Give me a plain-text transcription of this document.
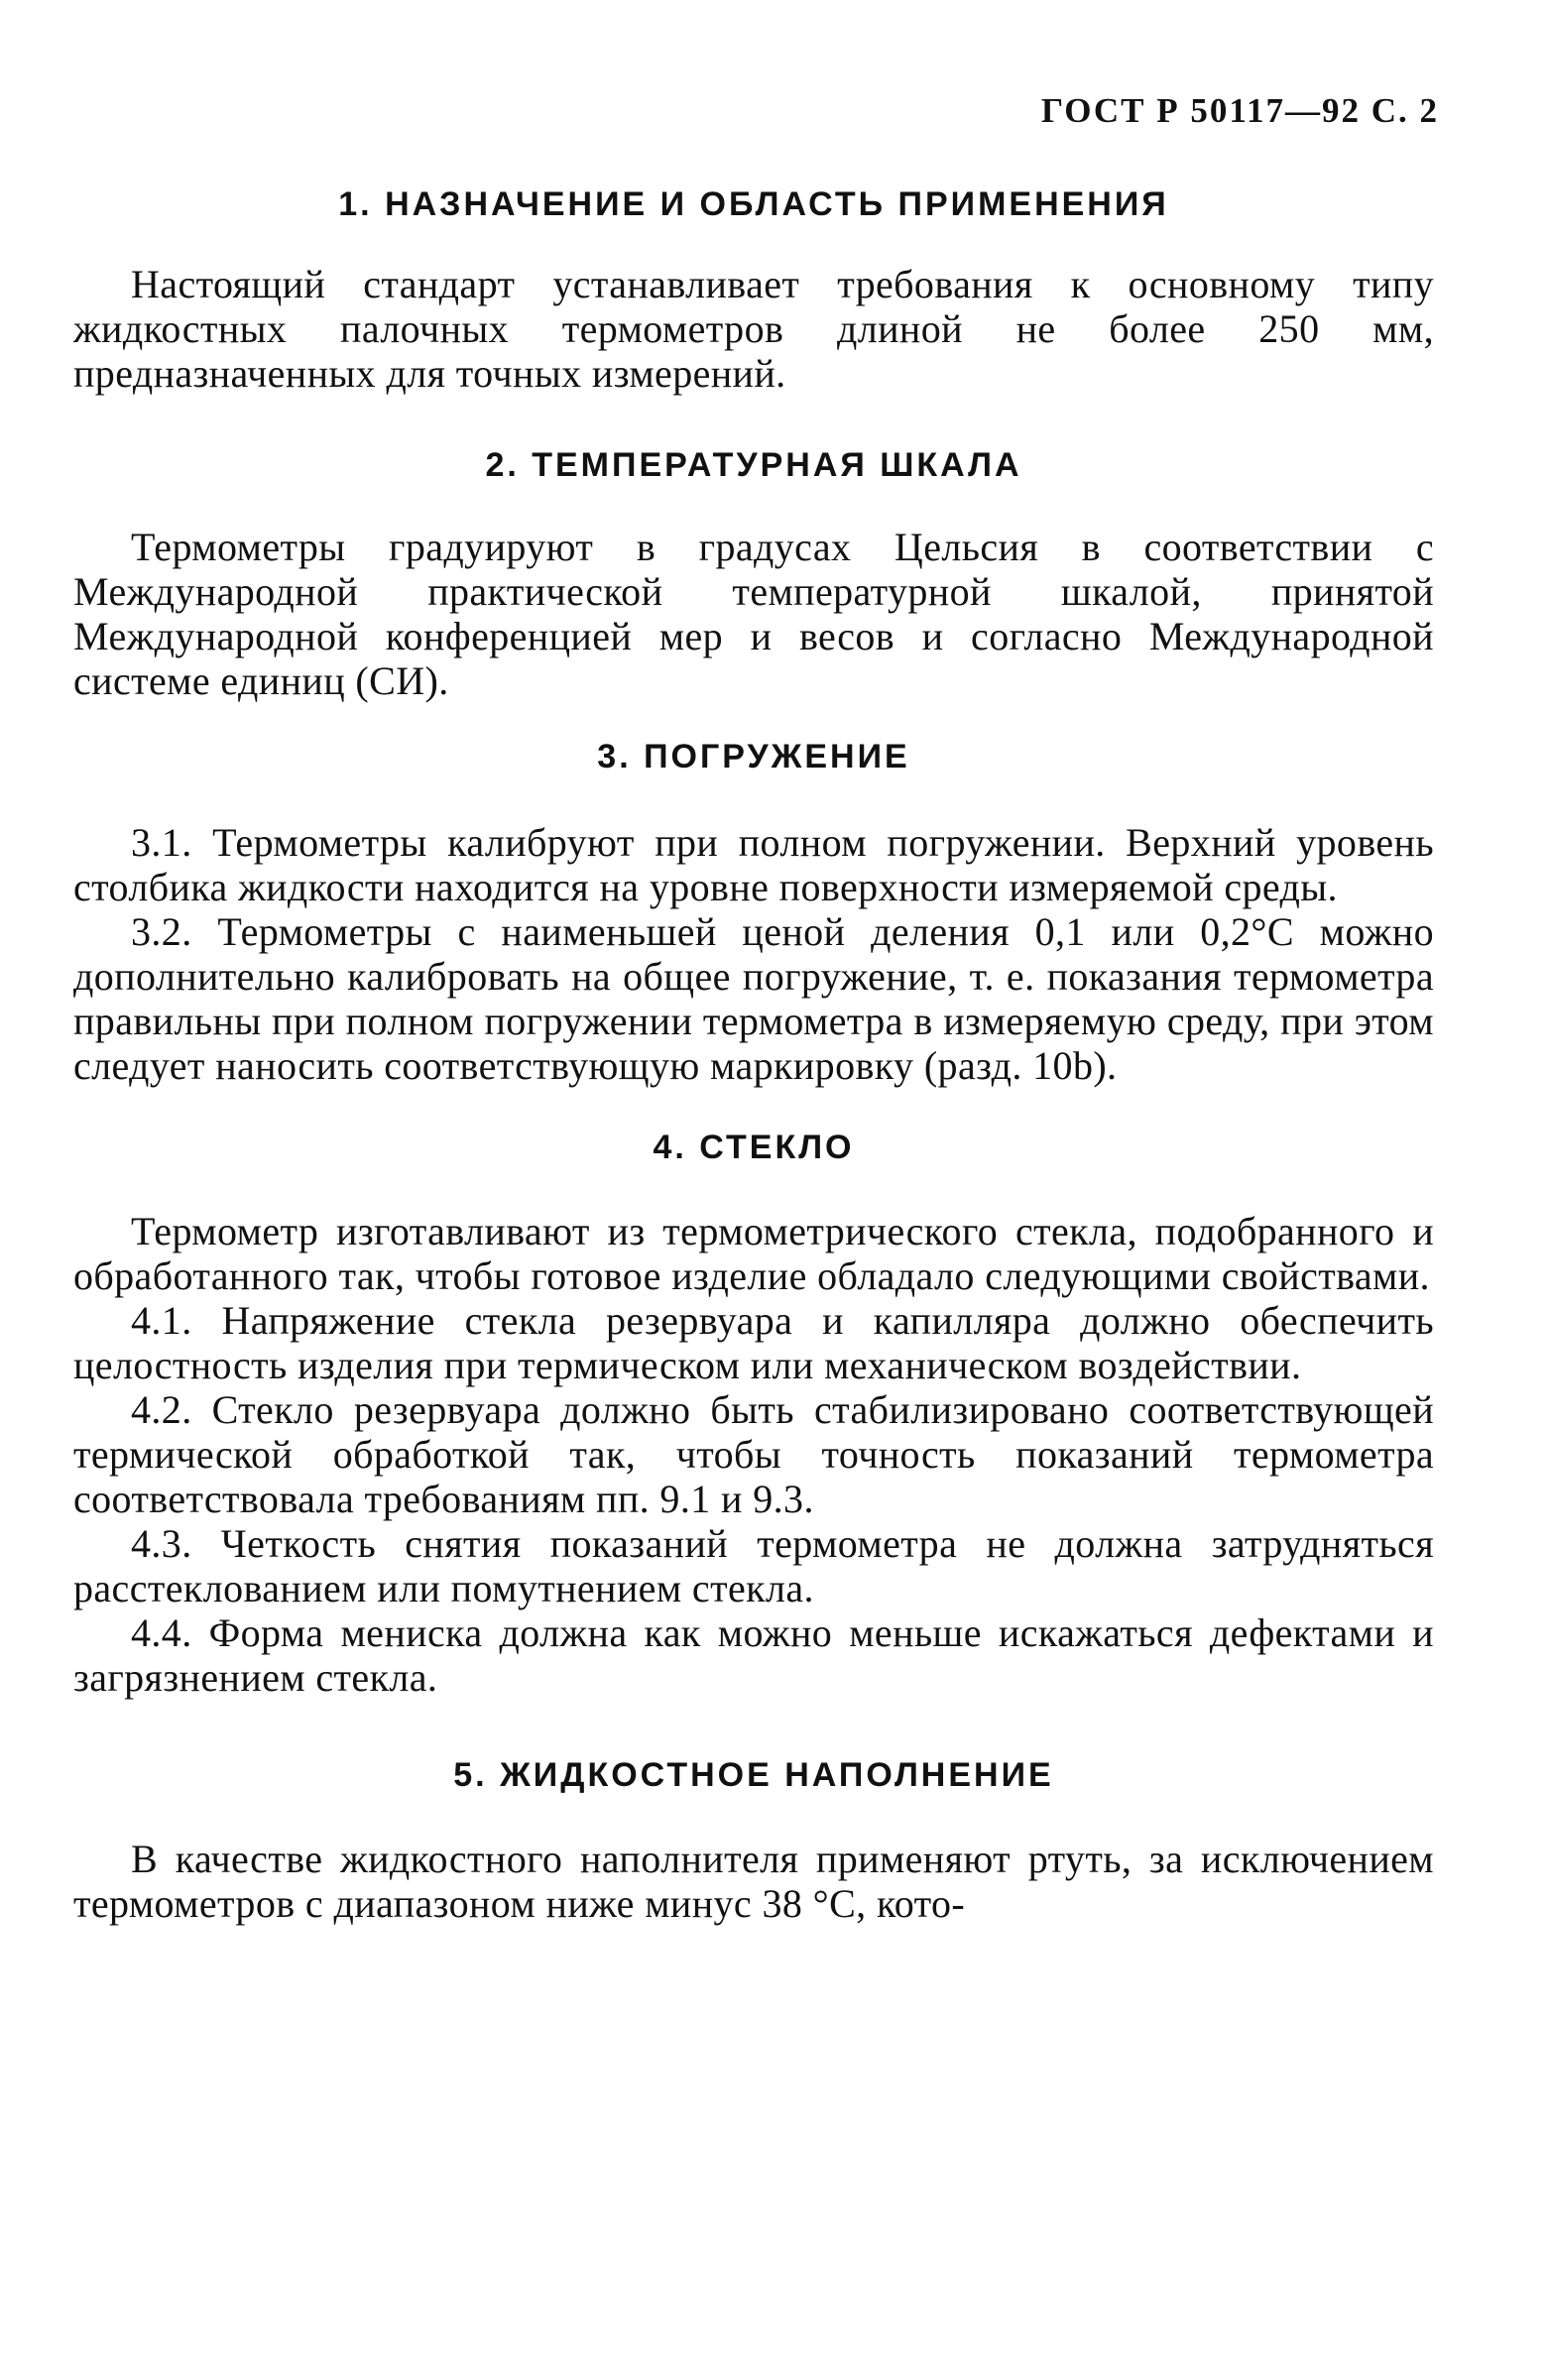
ГОСТ Р 50117—92 С. 2
1. НАЗНАЧЕНИЕ И ОБЛАСТЬ ПРИМЕНЕНИЯ

Настоящий стандарт устанавливает требования к основному типу жидкостных палочных термометров длиной не более 250 мм, предназначенных для точных измерений.

2. ТЕМПЕРАТУРНАЯ ШКАЛА

Термометры градуируют в градусах Цельсия в соответствии с Международной практической температурной шкалой, принятой Международной конференцией мер и весов и согласно Международной системе единиц (СИ).

3. ПОГРУЖЕНИЕ

3.1. Термометры калибруют при полном погружении. Верхний уровень столбика жидкости находится на уровне поверхности измеряемой среды.

3.2. Термометры с наименьшей ценой деления 0,1 или 0,2°С можно дополнительно калибровать на общее погружение, т. е. показания термометра правильны при полном погружении термометра в измеряемую среду, при этом следует наносить соответствующую маркировку (разд. 10b).

4. СТЕКЛО

Термометр изготавливают из термометрического стекла, подобранного и обработанного так, чтобы готовое изделие обладало следующими свойствами.

4.1. Напряжение стекла резервуара и капилляра должно обеспечить целостность изделия при термическом или механическом воздействии.

4.2. Стекло резервуара должно быть стабилизировано соответствующей термической обработкой так, чтобы точность показаний термометра соответствовала требованиям пп. 9.1 и 9.3.

4.3. Четкость снятия показаний термометра не должна затрудняться расстеклованием или помутнением стекла.

4.4. Форма мениска должна как можно меньше искажаться дефектами и загрязнением стекла.

5. ЖИДКОСТНОЕ НАПОЛНЕНИЕ

В качестве жидкостного наполнителя применяют ртуть, за исключением термометров с диапазоном ниже минус 38 °С, кото-
